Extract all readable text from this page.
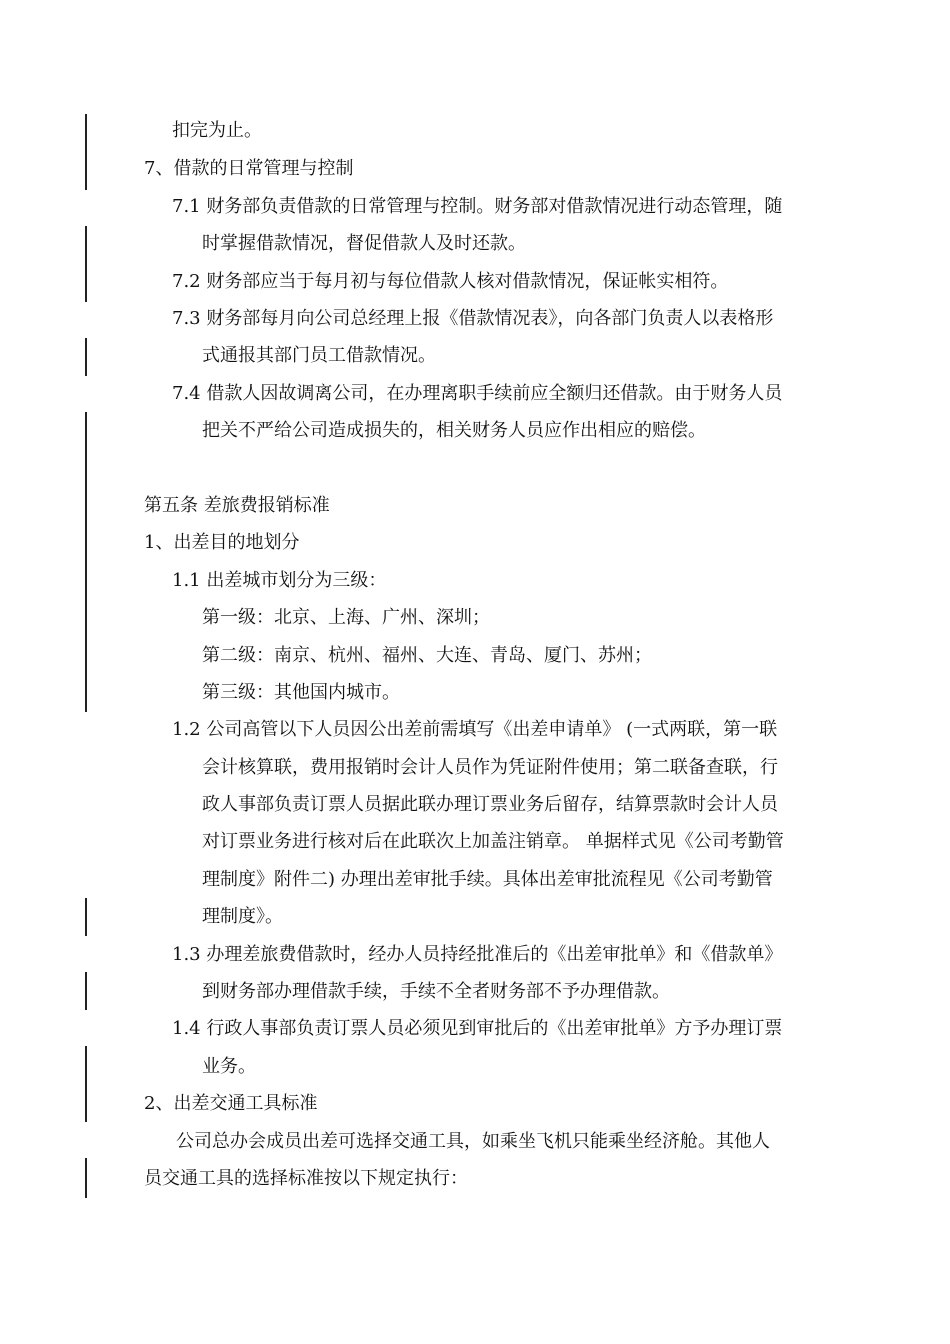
扣完为止。
7、借款的日常管理与控制
7.1 财务部负责借款的日常管理与控制。财务部对借款情况进行动态管理，随
时掌握借款情况，督促借款人及时还款。
7.2 财务部应当于每月初与每位借款人核对借款情况，保证帐实相符。
7.3 财务部每月向公司总经理上报《借款情况表》，向各部门负责人以表格形
式通报其部门员工借款情况。
7.4 借款人因故调离公司，在办理离职手续前应全额归还借款。由于财务人员
把关不严给公司造成损失的，相关财务人员应作出相应的赔偿。
第五条 差旅费报销标准
1、出差目的地划分
1.1 出差城市划分为三级：
第一级：北京、上海、广州、深圳；
第二级：南京、杭州、福州、大连、青岛、厦门、苏州；
第三级：其他国内城市。
1.2 公司高管以下人员因公出差前需填写《出差申请单》 (一式两联，第一联
会计核算联，费用报销时会计人员作为凭证附件使用；第二联备查联，行
政人事部负责订票人员据此联办理订票业务后留存，结算票款时会计人员
对订票业务进行核对后在此联次上加盖注销章。 单据样式见《公司考勤管
理制度》附件二) 办理出差审批手续。具体出差审批流程见《公司考勤管
理制度》。
1.3 办理差旅费借款时，经办人员持经批准后的《出差审批单》和《借款单》
到财务部办理借款手续，手续不全者财务部不予办理借款。
1.4 行政人事部负责订票人员必须见到审批后的《出差审批单》方予办理订票
业务。
2、出差交通工具标准
公司总办会成员出差可选择交通工具，如乘坐飞机只能乘坐经济舱。其他人
员交通工具的选择标准按以下规定执行：
